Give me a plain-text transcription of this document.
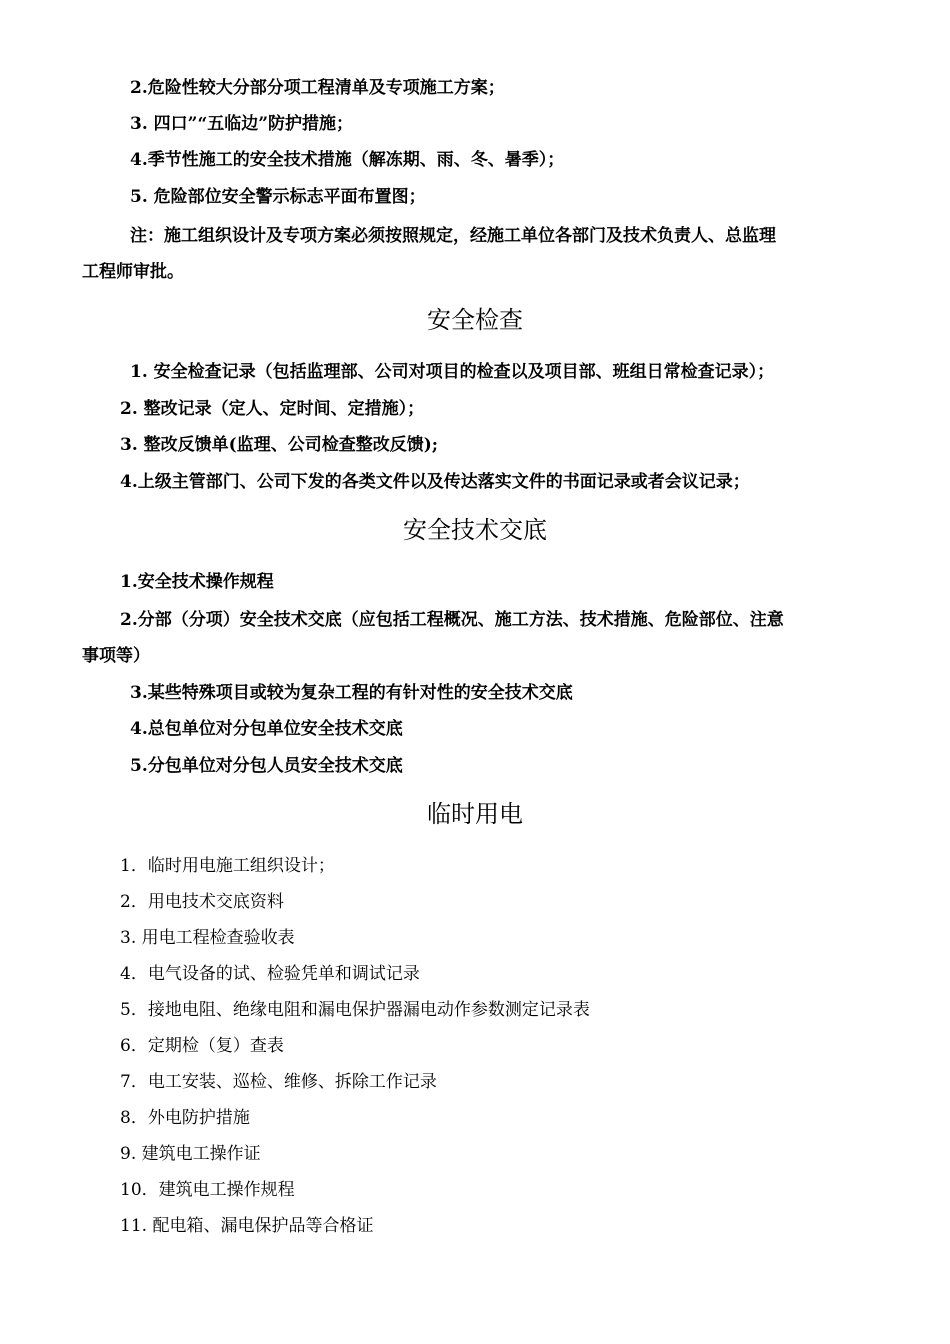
2.危险性较大分部分项工程清单及专项施工方案；
3. 四口”“五临边”防护措施；
4.季节性施工的安全技术措施（解冻期、雨、冬、暑季）；
5. 危险部位安全警示标志平面布置图；
注：施工组织设计及专项方案必须按照规定，经施工单位各部门及技术负责人、总监理
工程师审批。
安全检查
1. 安全检查记录（包括监理部、公司对项目的检查以及项目部、班组日常检查记录）；
2. 整改记录（定人、定时间、定措施）；
3. 整改反馈单(监理、公司检查整改反馈);
4.上级主管部门、公司下发的各类文件以及传达落实文件的书面记录或者会议记录；
安全技术交底
1.安全技术操作规程
2.分部（分项）安全技术交底（应包括工程概况、施工方法、技术措施、危险部位、注意
事项等）
3.某些特殊项目或较为复杂工程的有针对性的安全技术交底
4.总包单位对分包单位安全技术交底
5.分包单位对分包人员安全技术交底
临时用电
1．临时用电施工组织设计；
2．用电技术交底资料
3. 用电工程检查验收表
4．电气设备的试、检验凭单和调试记录
5．接地电阻、绝缘电阻和漏电保护器漏电动作参数测定记录表
6．定期检（复）查表
7．电工安装、巡检、维修、拆除工作记录
8．外电防护措施
9. 建筑电工操作证
10．建筑电工操作规程
11. 配电箱、漏电保护品等合格证
